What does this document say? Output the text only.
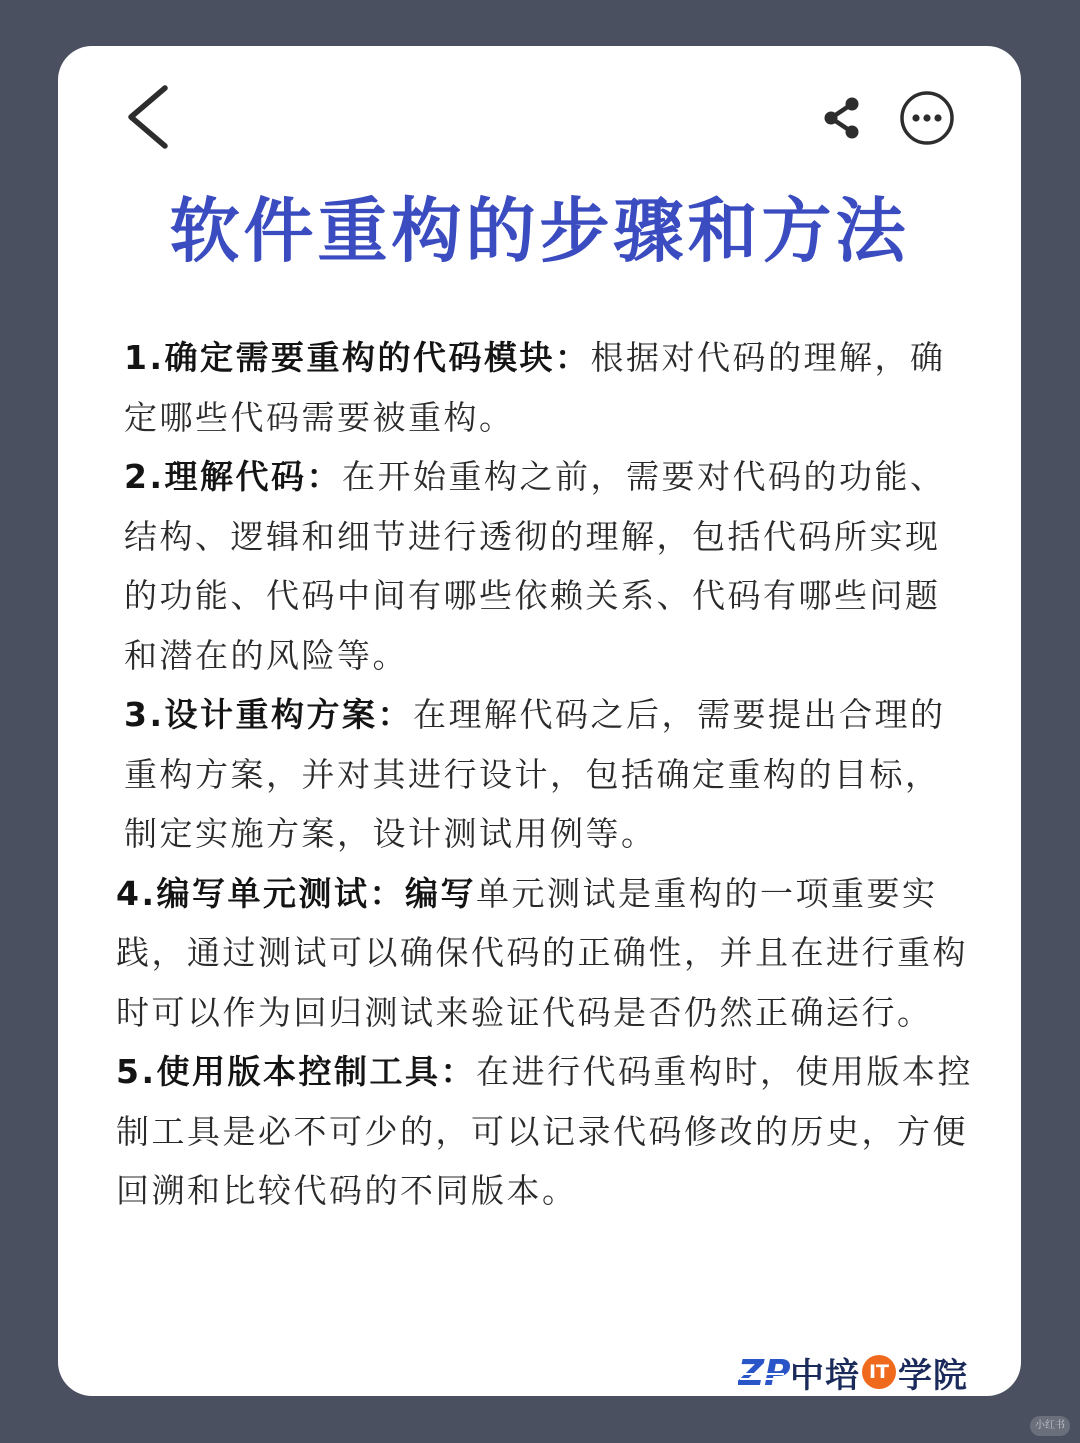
软件重构的步骤和方法

1.确定需要重构的代码模块：根据对代码的理解，确定哪些代码需要被重构。

2.理解代码：在开始重构之前，需要对代码的功能、结构、逻辑和细节进行透彻的理解，包括代码所实现的功能、代码中间有哪些依赖关系、代码有哪些问题和潜在的风险等。

3.设计重构方案：在理解代码之后，需要提出合理的重构方案，并对其进行设计，包括确定重构的目标，制定实施方案，设计测试用例等。

4.编写单元测试：编写单元测试是重构的一项重要实践，通过测试可以确保代码的正确性，并且在进行重构时可以作为回归测试来验证代码是否仍然正确运行。

5.使用版本控制工具：在进行代码重构时，使用版本控制工具是必不可少的，可以记录代码修改的历史，方便回溯和比较代码的不同版本。

ZP 中培 IT 学院
小红书
